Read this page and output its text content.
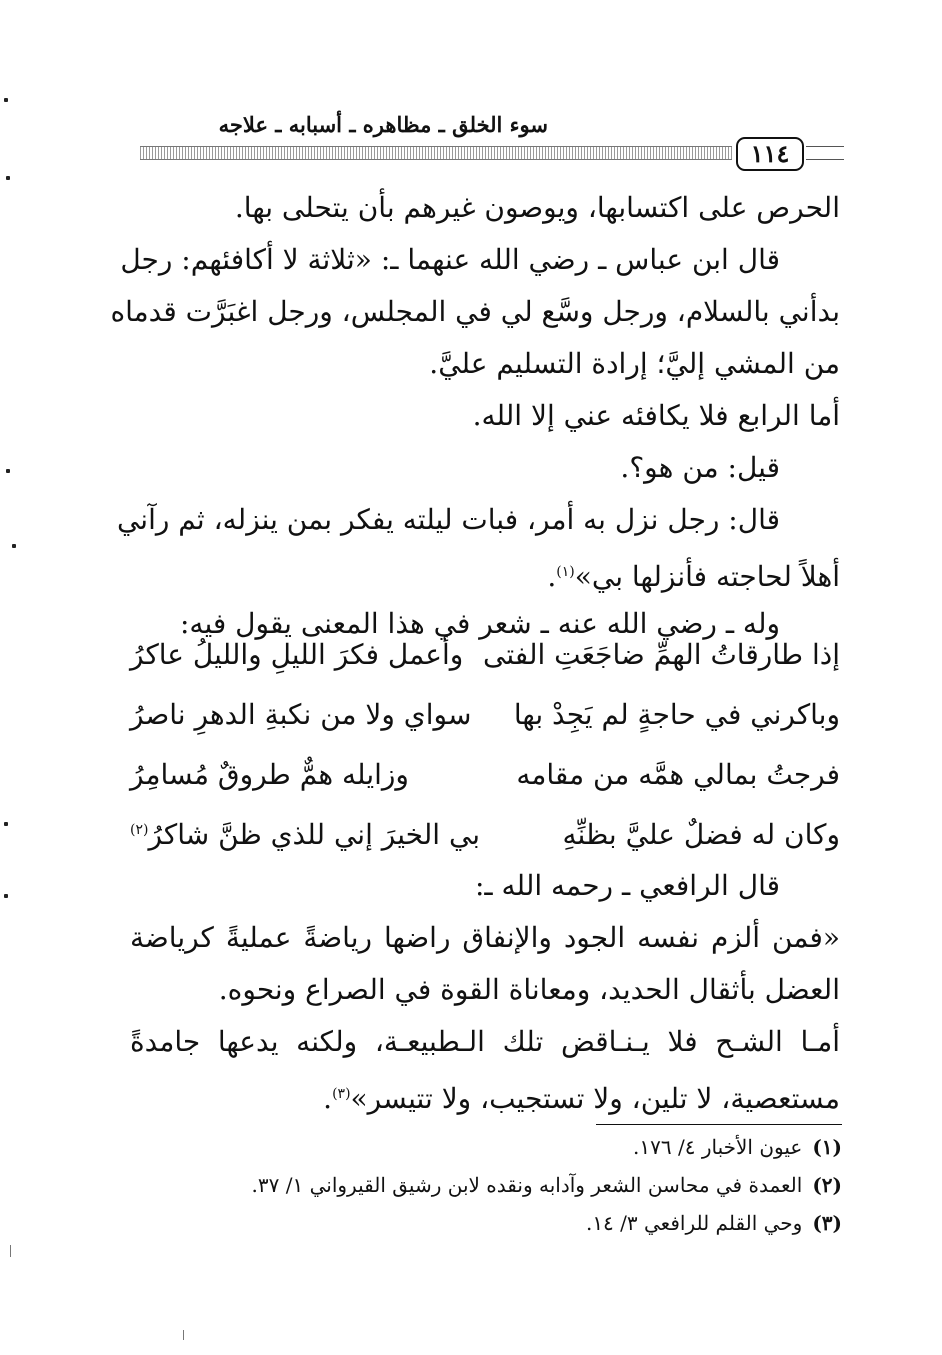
سوء الخلق ـ مظاهره ـ أسبابه ـ علاجه
١١٤

الحرص على اكتسابها، ويوصون غيرهم بأن يتحلى بها.

قال ابن عباس ـ رضي الله عنهما ـ: «ثلاثة لا أكافئهم: رجل

بدأني بالسلام، ورجل وسَّع لي في المجلس، ورجل اغبَرَّت قدماه

من المشي إليَّ؛ إرادة التسليم عليَّ.

أما الرابع فلا يكافئه عني إلا الله.

قيل: من هو؟.

قال: رجل نزل به أمر، فبات ليلته يفكر بمن ينزله، ثم رآني

أهلاً لحاجته فأنزلها بي»$^{(١)}$.

وله ـ رضي الله عنه ـ شعر في هذا المعنى يقول فيه:

إذا طارقاتُ الهمِّ ضاجَعَتِ الفتى
وأعمل فكرَ الليلِ والليلُ عاكرُ
وباكرني في حاجةٍ لم يَجِدْ بها
سواي ولا من نكبةِ الدهرِ ناصرُ
فرجتُ بمالي همَّه من مقامه
وزايله همٌّ طروقٌ مُسامِرُ
وكان له فضلٌ عليَّ بظنِّهِ
بي الخيرَ إني للذي ظنَّ شاكرُ$^{(٢)}$

قال الرافعي ـ رحمه الله ـ:

«فمن ألزم نفسه الجود والإنفاق راضها رياضةً عمليةً كرياضة

العضل بأثقال الحديد، ومعاناة القوة في الصراع ونحوه.

أمـا الشـح فلا يـنـاقض تلك الـطبيعـة، ولكنه يدعها جامدةً

مستعصية، لا تلين، ولا تستجيب، ولا تتيسر»$^{(٣)}$.

(١)عيون الأخبار ٤/ ١٧٦.
(٢)العمدة في محاسن الشعر وآدابه ونقده لابن رشيق القيرواني ١/ ٣٧.
(٣)وحي القلم للرافعي ٣/ ١٤.
